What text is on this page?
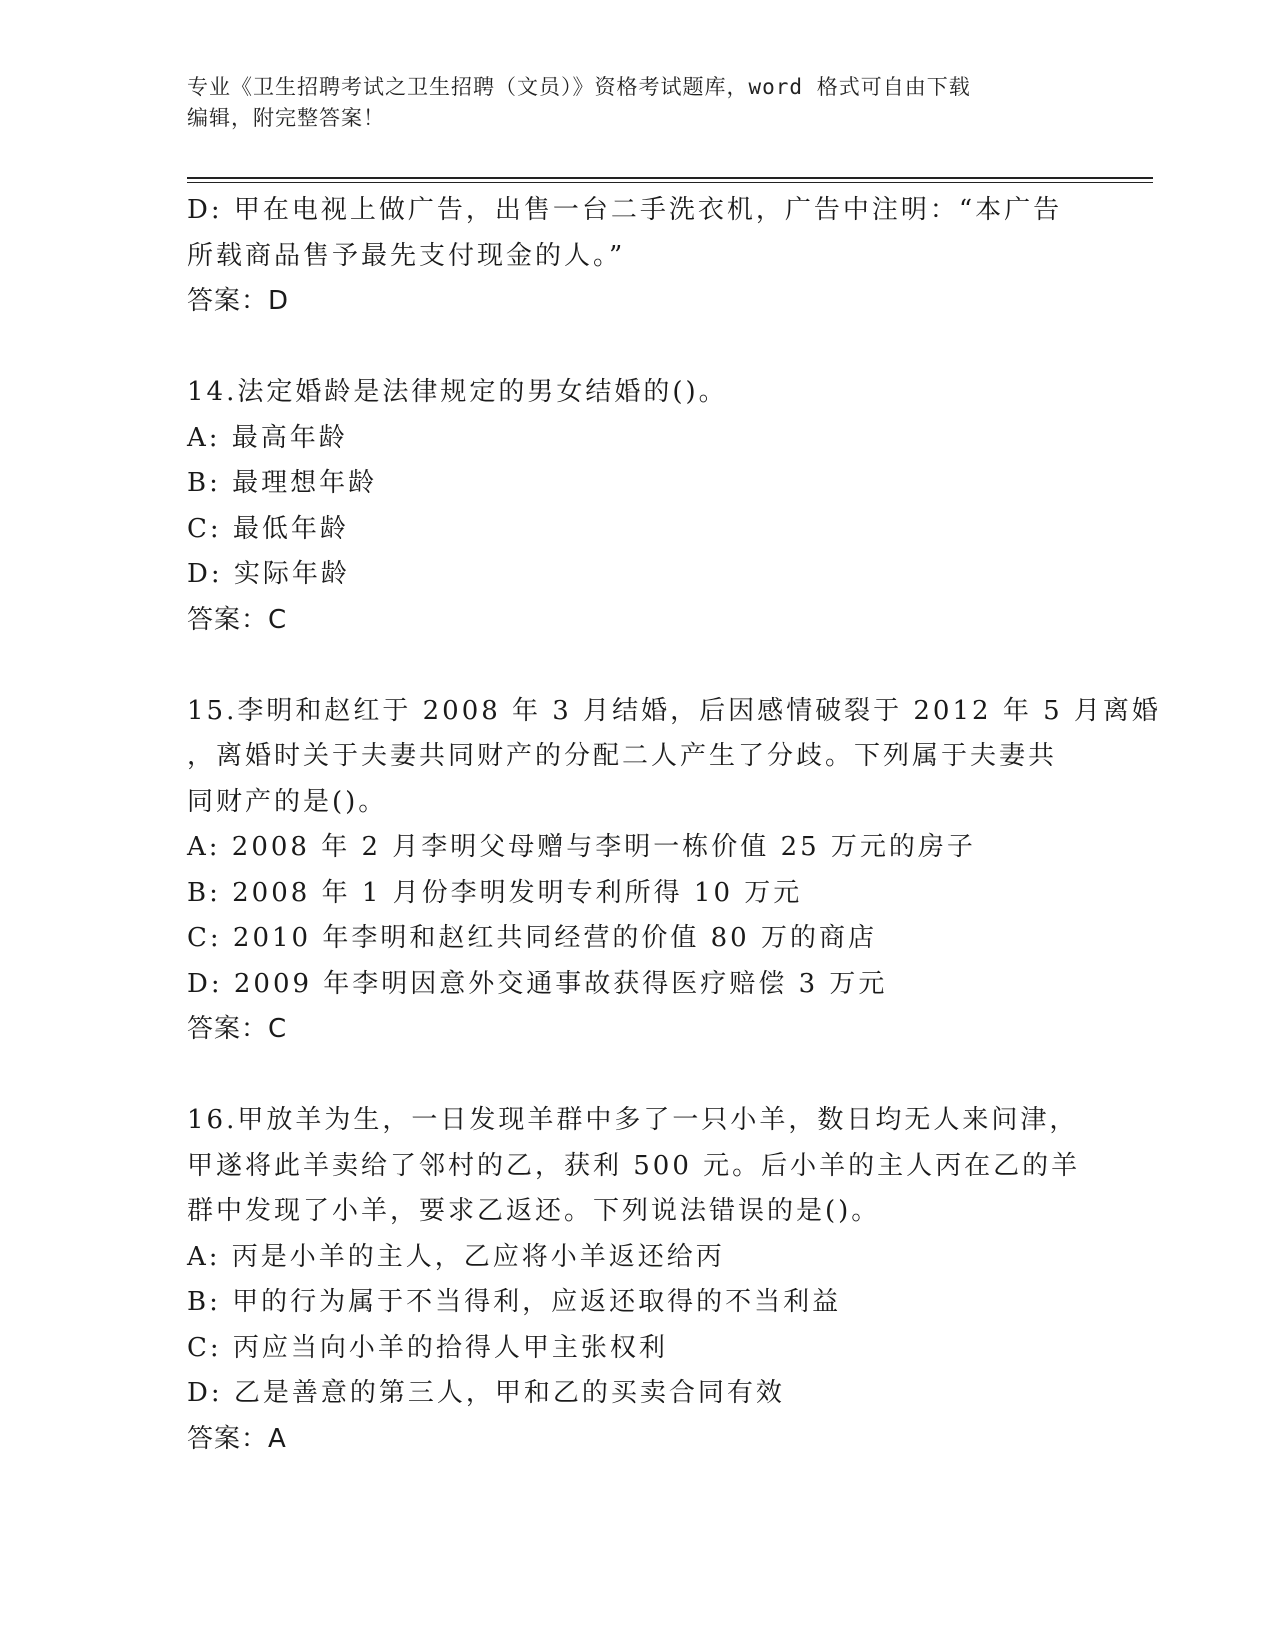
专业《卫生招聘考试之卫生招聘（文员）》资格考试题库，word 格式可自由下载
编辑，附完整答案！
D: 甲在电视上做广告，出售一台二手洗衣机，广告中注明：“本广告
所载商品售予最先支付现金的人。”
答案：D
14.法定婚龄是法律规定的男女结婚的()。
A: 最高年龄
B: 最理想年龄
C: 最低年龄
D: 实际年龄
答案：C
15.李明和赵红于 2008 年 3 月结婚，后因感情破裂于 2012 年 5 月离婚
，离婚时关于夫妻共同财产的分配二人产生了分歧。下列属于夫妻共
同财产的是()。
A: 2008 年 2 月李明父母赠与李明一栋价值 25 万元的房子
B: 2008 年 1 月份李明发明专利所得 10 万元
C: 2010 年李明和赵红共同经营的价值 80 万的商店
D: 2009 年李明因意外交通事故获得医疗赔偿 3 万元
答案：C
16.甲放羊为生，一日发现羊群中多了一只小羊，数日均无人来问津，
甲遂将此羊卖给了邻村的乙，获利 500 元。后小羊的主人丙在乙的羊
群中发现了小羊，要求乙返还。下列说法错误的是()。
A: 丙是小羊的主人，乙应将小羊返还给丙
B: 甲的行为属于不当得利，应返还取得的不当利益
C: 丙应当向小羊的拾得人甲主张权利
D: 乙是善意的第三人，甲和乙的买卖合同有效
答案：A
